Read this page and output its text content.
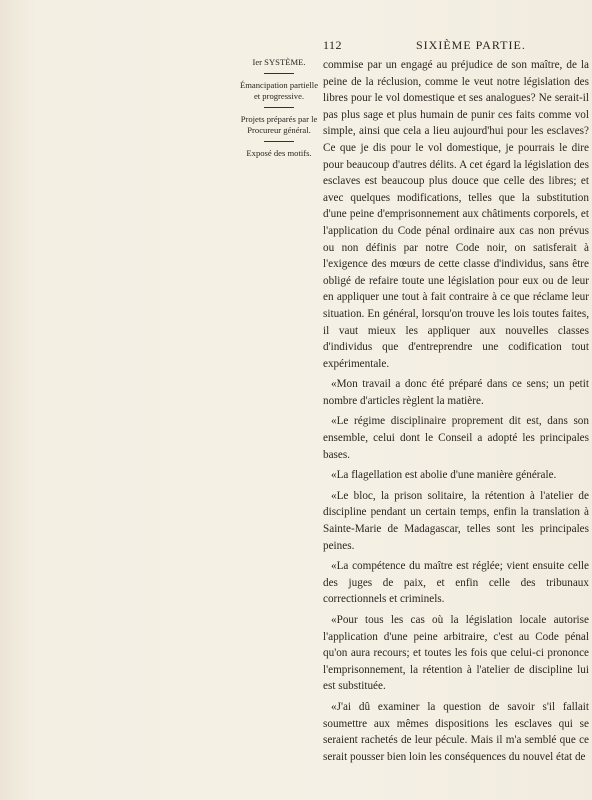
112	SIXIÈME PARTIE.
Ier SYSTÈME.
Émancipation partielle et progressive.
Projets préparés par le Procureur général.
Exposé des motifs.

commise par un engagé au préjudice de son maître, de la peine de la réclusion, comme le veut notre législation des libres pour le vol domestique et ses analogues? Ne serait-il pas plus sage et plus humain de punir ces faits comme vol simple, ainsi que cela a lieu aujourd'hui pour les esclaves? Ce que je dis pour le vol domestique, je pourrais le dire pour beaucoup d'autres délits. A cet égard la législation des esclaves est beaucoup plus douce que celle des libres; et avec quelques modifications, telles que la substitution d'une peine d'emprisonnement aux châtiments corporels, et l'application du Code pénal ordinaire aux cas non prévus ou non définis par notre Code noir, on satisferait à l'exigence des mœurs de cette classe d'individus, sans être obligé de refaire toute une législation pour eux ou de leur en appliquer une tout à fait contraire à ce que réclame leur situation. En général, lorsqu'on trouve les lois toutes faites, il vaut mieux les appliquer aux nouvelles classes d'individus que d'entreprendre une codification tout expérimentale.

«Mon travail a donc été préparé dans ce sens; un petit nombre d'articles règlent la matière.

«Le régime disciplinaire proprement dit est, dans son ensemble, celui dont le Conseil a adopté les principales bases.

«La flagellation est abolie d'une manière générale.

«Le bloc, la prison solitaire, la rétention à l'atelier de discipline pendant un certain temps, enfin la translation à Sainte-Marie de Madagascar, telles sont les principales peines.

«La compétence du maître est réglée; vient ensuite celle des juges de paix, et enfin celle des tribunaux correctionnels et criminels.

«Pour tous les cas où la législation locale autorise l'application d'une peine arbitraire, c'est au Code pénal qu'on aura recours; et toutes les fois que celui-ci prononce l'emprisonnement, la rétention à l'atelier de discipline lui est substituée.

«J'ai dû examiner la question de savoir s'il fallait soumettre aux mêmes dispositions les esclaves qui se seraient rachetés de leur pécule. Mais il m'a semblé que ce serait pousser bien loin les conséquences du nouvel état de
